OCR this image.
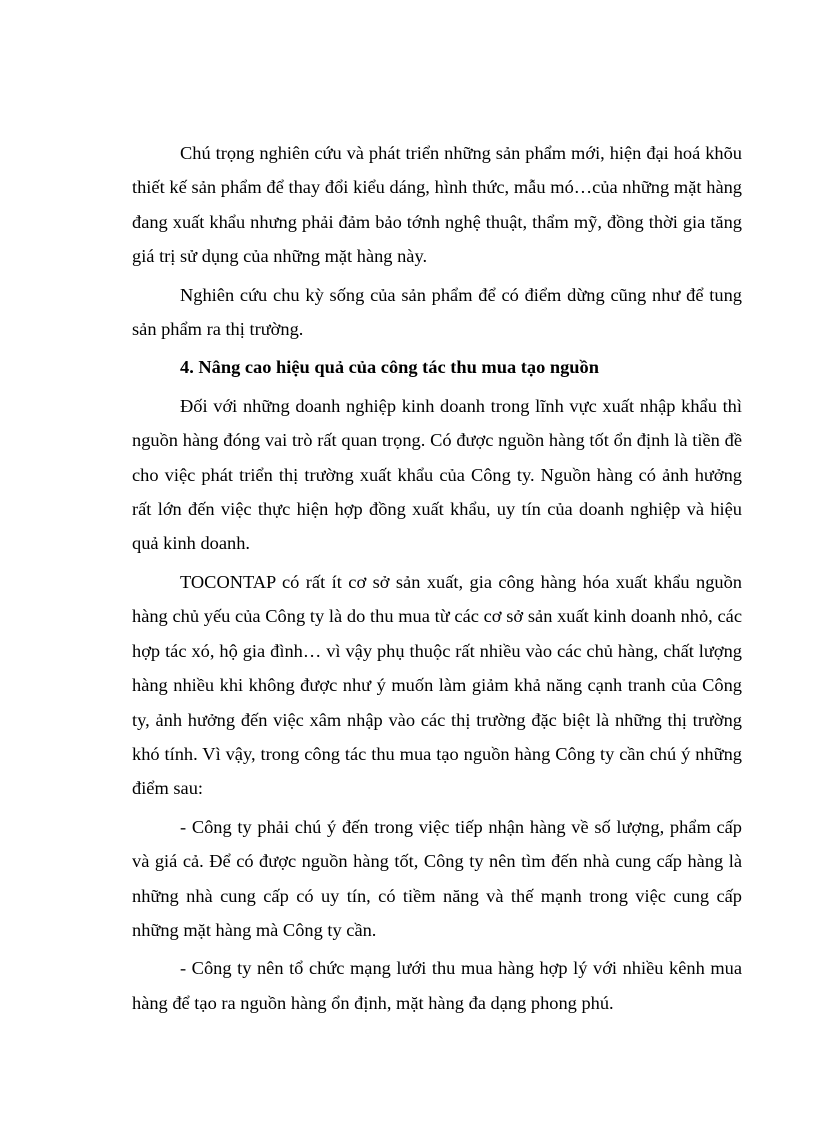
Chú trọng nghiên cứu và phát triển những sản phẩm mới, hiện đại hoá khõu thiết kế sản phẩm để thay đổi kiểu dáng, hình thức, mẫu mó…của những mặt hàng đang xuất khẩu nhưng phải đảm bảo tớnh nghệ thuật, thẩm mỹ, đồng thời gia tăng giá trị sử dụng của những mặt hàng này.

Nghiên cứu chu kỳ sống của sản phẩm để có điểm dừng cũng như để tung sản phẩm ra thị trường.

4. Nâng cao hiệu quả của công tác thu mua tạo nguồn

Đối với những doanh nghiệp kinh doanh trong lĩnh vực xuất nhập khẩu thì nguồn hàng đóng vai trò rất quan trọng. Có được nguồn hàng tốt ổn định là tiền đề cho việc phát triển thị trường xuất khẩu của Công ty. Nguồn hàng có ảnh hưởng rất lớn đến việc thực hiện hợp đồng xuất khẩu, uy tín của doanh nghiệp và hiệu quả kinh doanh.

TOCONTAP có rất ít cơ sở sản xuất, gia công hàng hóa xuất khẩu nguồn hàng chủ yếu của Công ty là do thu mua từ các cơ sở sản xuất kinh doanh nhỏ, các hợp tác xó, hộ gia đình… vì vậy phụ thuộc rất nhiều vào các chủ hàng, chất lượng hàng nhiều khi không được như ý muốn làm giảm khả năng cạnh tranh của Công ty, ảnh hưởng đến việc xâm nhập vào các thị trường đặc biệt là những thị trường khó tính. Vì vậy, trong công tác thu mua tạo nguồn hàng Công ty cần chú ý những điểm sau:

- Công ty phải chú ý đến trong việc tiếp nhận hàng về số lượng, phẩm cấp và giá cả. Để có được nguồn hàng tốt, Công ty nên tìm đến nhà cung cấp hàng là những nhà cung cấp có uy tín, có tiềm năng và thế mạnh trong việc cung cấp những mặt hàng mà Công ty cần.

- Công ty nên tổ chức mạng lưới thu mua hàng hợp lý với nhiều kênh mua hàng để tạo ra nguồn hàng ổn định, mặt hàng đa dạng phong phú.
